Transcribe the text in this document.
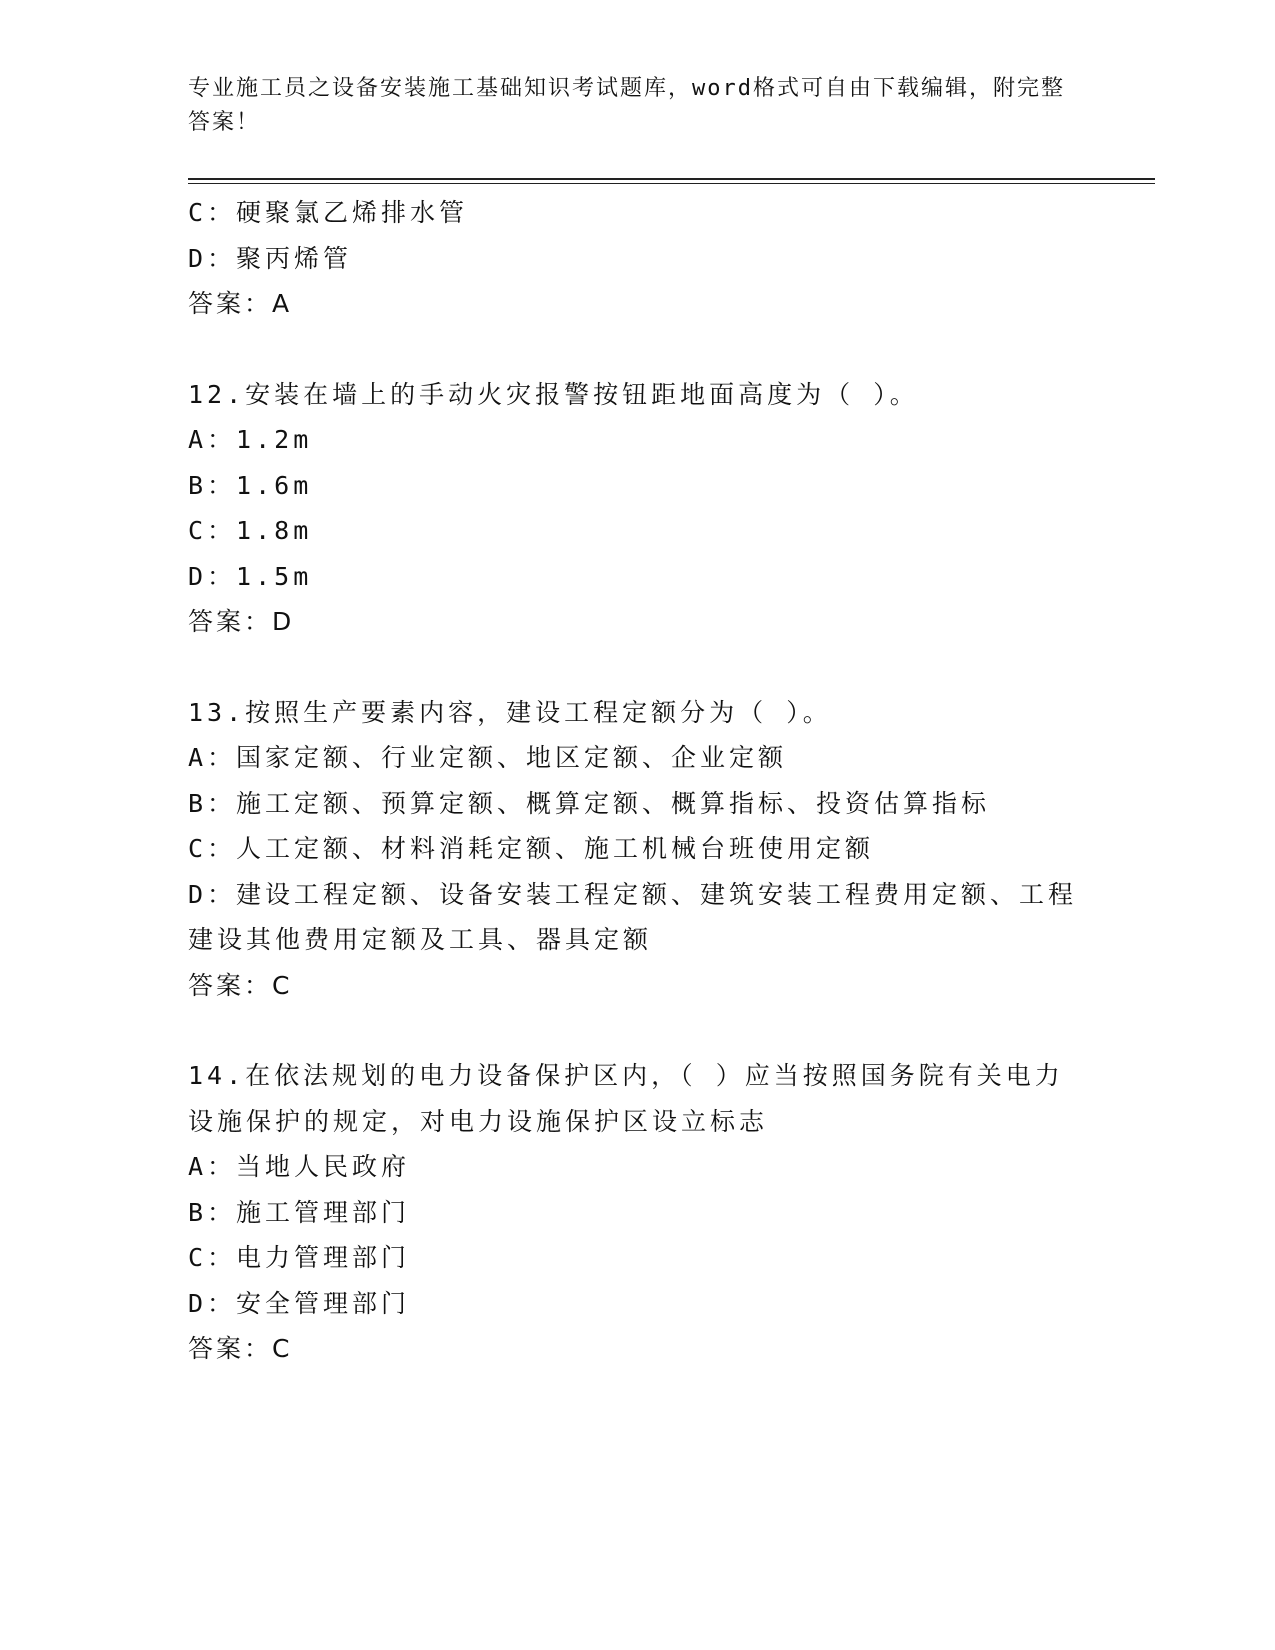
专业施工员之设备安装施工基础知识考试题库，word格式可自由下载编辑，附完整答案！
C：硬聚氯乙烯排水管
D：聚丙烯管
答案：A
12.安装在墙上的手动火灾报警按钮距地面高度为（ ）。
A：1.2m
B：1.6m
C：1.8m
D：1.5m
答案：D
13.按照生产要素内容，建设工程定额分为（ ）。
A：国家定额、行业定额、地区定额、企业定额
B：施工定额、预算定额、概算定额、概算指标、投资估算指标
C：人工定额、材料消耗定额、施工机械台班使用定额
D：建设工程定额、设备安装工程定额、建筑安装工程费用定额、工程建设其他费用定额及工具、器具定额
答案：C
14.在依法规划的电力设备保护区内，（ ）应当按照国务院有关电力设施保护的规定，对电力设施保护区设立标志
A：当地人民政府
B：施工管理部门
C：电力管理部门
D：安全管理部门
答案：C
